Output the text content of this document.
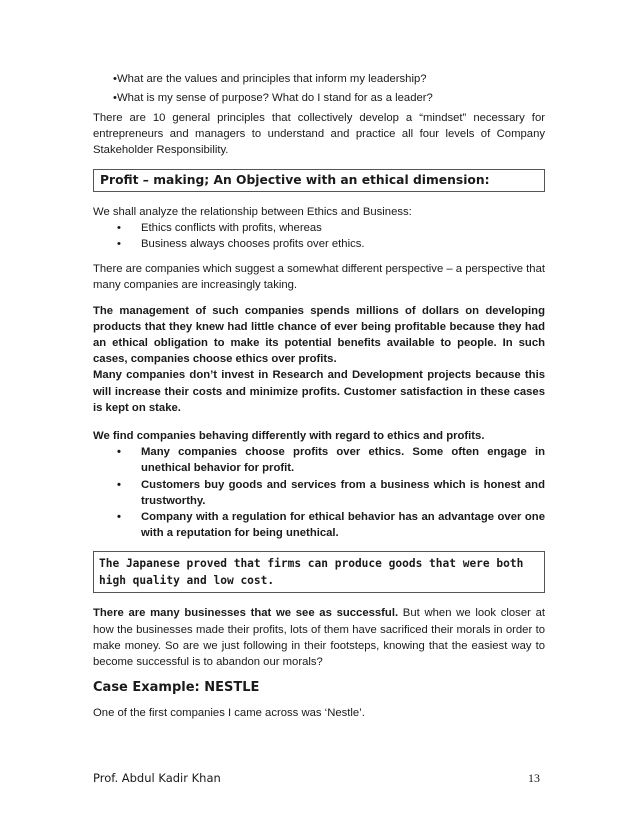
• What are the values and principles that inform my leadership?
• What is my sense of purpose? What do I stand for as a leader?

There are 10 general principles that collectively develop a “mindset” necessary for entrepreneurs and managers to understand and practice all four levels of Company Stakeholder Responsibility.

Profit – making; An Objective with an ethical dimension:

We shall analyze the relationship between Ethics and Business:

• Ethics conflicts with profits, whereas
• Business always chooses profits over ethics.

There are companies which suggest a somewhat different perspective – a perspective that many companies are increasingly taking.

The management of such companies spends millions of dollars on developing products that they knew had little chance of ever being profitable because they had an ethical obligation to make its potential benefits available to people. In such cases, companies choose ethics over profits.

Many companies don’t invest in Research and Development projects because this will increase their costs and minimize profits. Customer satisfaction in these cases is kept on stake.

We find companies behaving differently with regard to ethics and profits.

• Many companies choose profits over ethics. Some often engage in unethical behavior for profit.
• Customers buy goods and services from a business which is honest and trustworthy.
• Company with a regulation for ethical behavior has an advantage over one with a reputation for being unethical.
The Japanese proved that firms can produce goods that were both high quality and low cost.

There are many businesses that we see as successful. But when we look closer at how the businesses made their profits, lots of them have sacrificed their morals in order to make money. So are we just following in their footsteps, knowing that the easiest way to become successful is to abandon our morals?

Case Example: NESTLE

One of the first companies I came across was ‘Nestle’.

Prof. Abdul Kadir Khan	13
